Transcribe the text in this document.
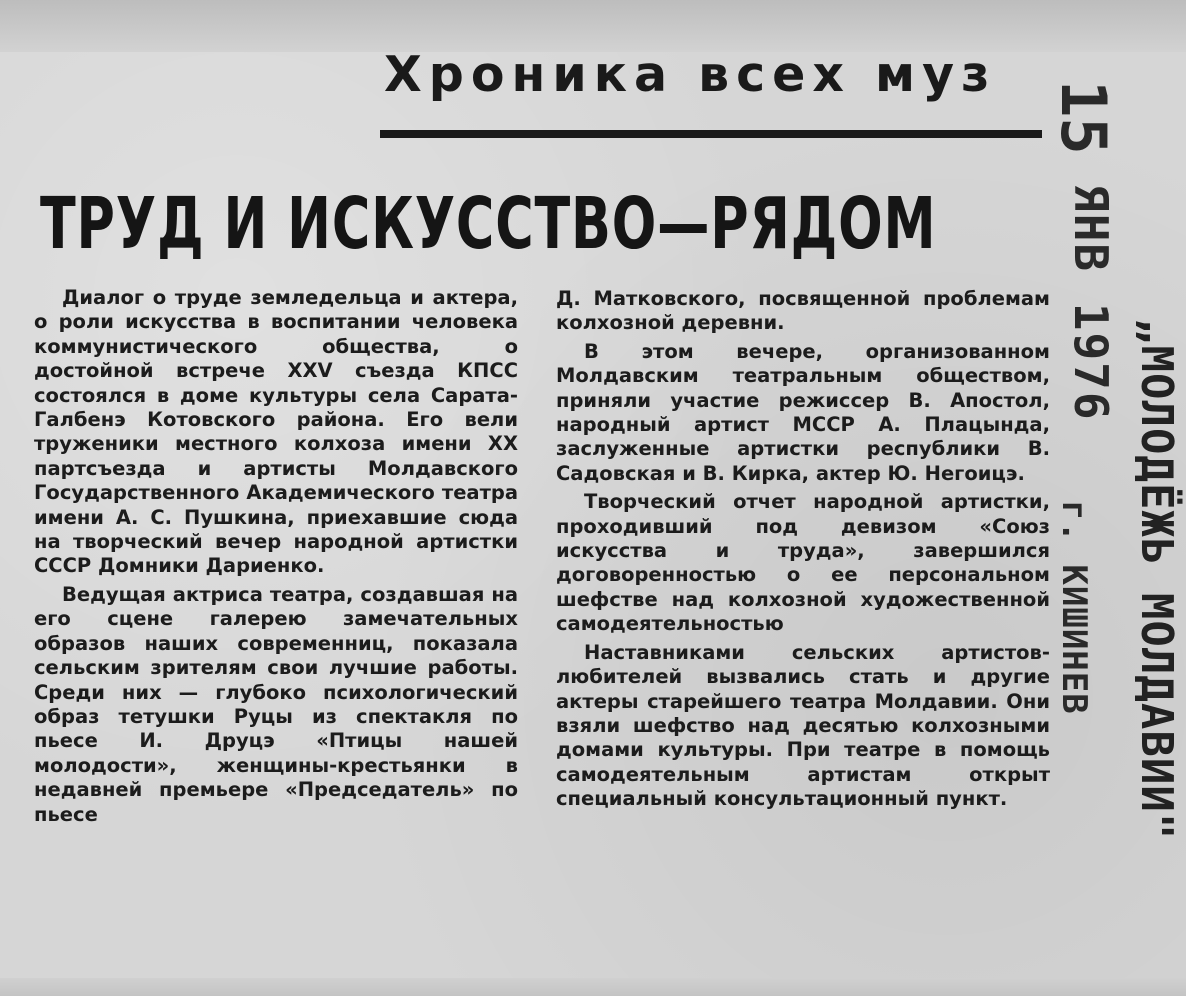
Хроника всех муз
ТРУД И ИСКУССТВО—РЯДОМ

Диалог о труде земледельца и актера, о роли искусства в воспитании человека коммунистического общества, о достойной встрече XXV съезда КПСС состоялся в доме культуры села Сарата-Галбенэ Котовского района. Его вели труженики местного колхоза имени XX партсъезда и артисты Молдавского Государственного Академического театра имени А. С. Пушкина, приехавшие сюда на творческий вечер народной артистки СССР Домники Дариенко.

Ведущая актриса театра, создавшая на его сцене галерею замечательных образов наших современниц, показала сельским зрителям свои лучшие работы. Среди них — глубоко психологический образ тетушки Руцы из спектакля по пьесе И. Друцэ «Птицы нашей молодости», женщины-крестьянки в недавней премьере «Председатель» по пьесе

Д. Матковского, посвященной проблемам колхозной деревни.

В этом вечере, организованном Молдавским театральным обществом, приняли участие режиссер В. Апостол, народный артист МССР А. Плацында, заслуженные артистки республики В. Садовская и В. Кирка, актер Ю. Негоицэ.

Творческий отчет народной артистки, проходивший под девизом «Союз искусства и труда», завершился договоренностью о ее персональном шефстве над колхозной художественной самодеятельностью

Наставниками сельских артистов-любителей вызвались стать и другие актеры старейшего театра Молдавии. Они взяли шефство над десятью колхозными домами культуры. При театре в помощь самодеятельным артистам открыт специальный консультационный пункт.

15
ЯНВ 1976
„МОЛОДЁЖЬ МОЛДАВИИ"
г. КИШИНЕВ
